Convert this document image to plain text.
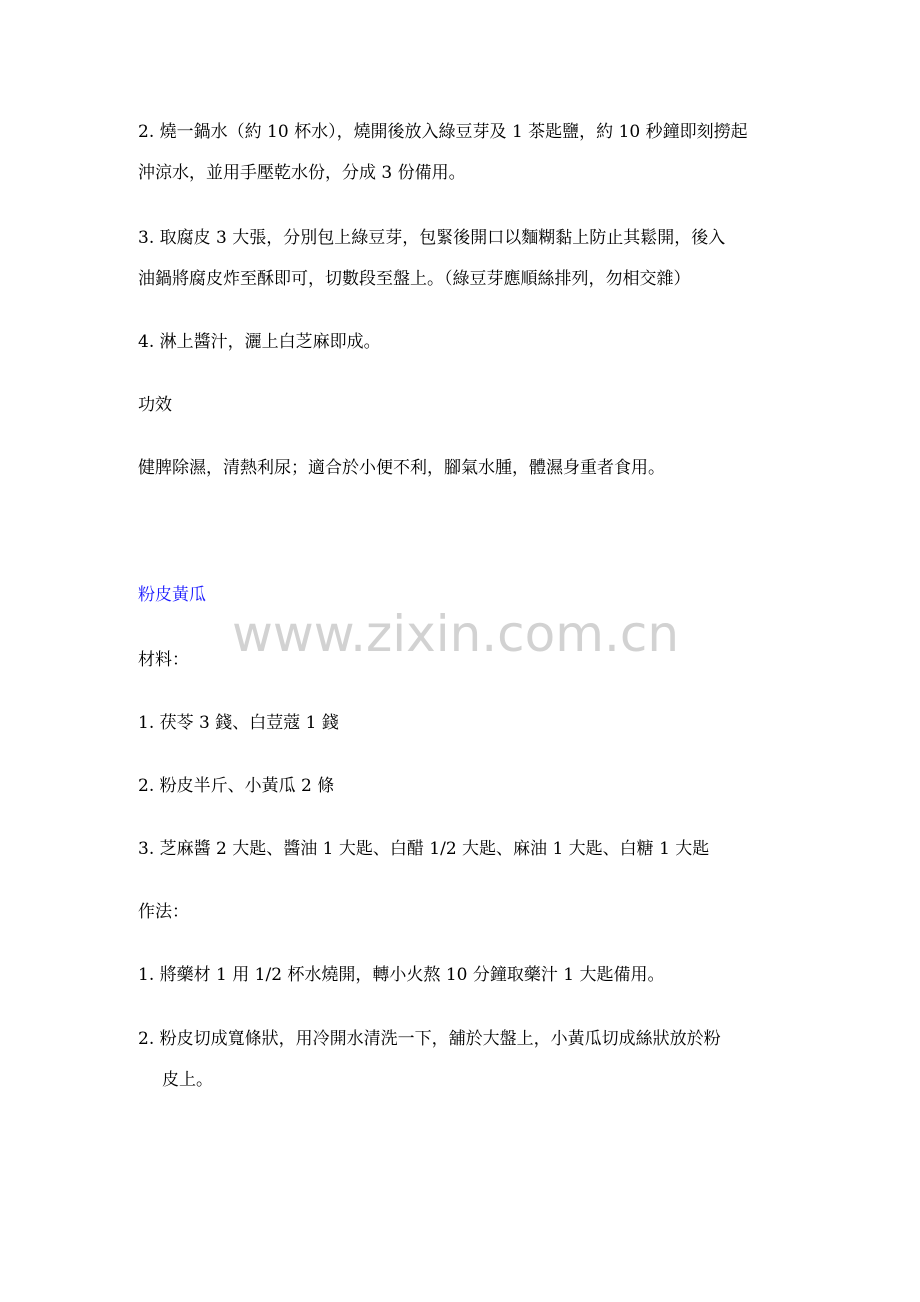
2. 燒一鍋水（約 10 杯水），燒開後放入綠豆芽及 1 茶匙鹽，約 10 秒鐘即刻撈起
沖涼水，並用手壓乾水份，分成 3 份備用。
3. 取腐皮 3 大張，分別包上綠豆芽，包緊後開口以麵糊黏上防止其鬆開，後入
油鍋將腐皮炸至酥即可，切數段至盤上。（綠豆芽應順絲排列，勿相交雜）
4. 淋上醬汁，灑上白芝麻即成。
功效
健脾除濕，清熱利尿；適合於小便不利，腳氣水腫，體濕身重者食用。
粉皮黃瓜
www.zixin.com.cn
材料：
1. 茯苓 3 錢、白荳蔻 1 錢
2. 粉皮半斤、小黃瓜 2 條
3. 芝麻醬 2 大匙、醬油 1 大匙、白醋 1/2 大匙、麻油 1 大匙、白糖 1 大匙
作法：
1. 將藥材 1 用 1/2 杯水燒開，轉小火熬 10 分鐘取藥汁 1 大匙備用。
2. 粉皮切成寬條狀，用冷開水清洗一下，舖於大盤上，小黃瓜切成絲狀放於粉
皮上。
